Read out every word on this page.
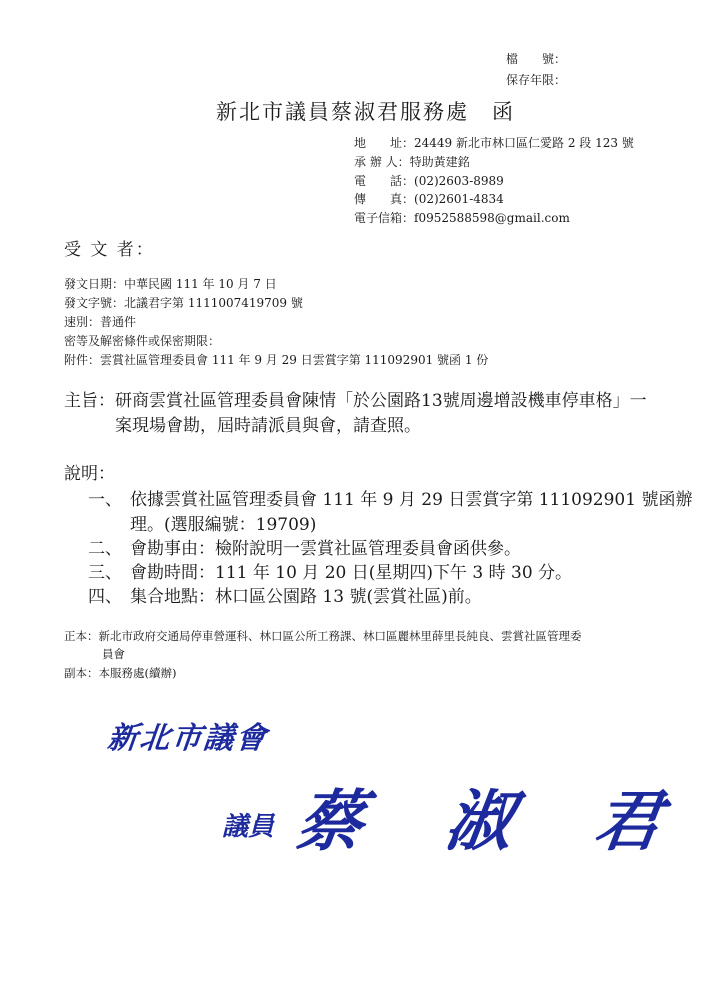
檔　　號：
保存年限：
新北市議員蔡淑君服務處　函
地　　址：24449 新北市林口區仁愛路 2 段 123 號
承 辦 人：特助黃建銘
電　　話：(02)2603-8989
傳　　真：(02)2601-4834
電子信箱：f0952588598@gmail.com
受 文 者：
發文日期：中華民國 111 年 10 月 7 日
發文字號：北議君字第 1111007419709 號
速別：普通件
密等及解密條件或保密期限：
附件：雲賞社區管理委員會 111 年 9 月 29 日雲賞字第 111092901 號函 1 份
主旨：研商雲賞社區管理委員會陳情「於公園路13號周邊增設機車停車格」一
案現場會勘，屆時請派員與會，請查照。
說明：
一、 依據雲賞社區管理委員會 111 年 9 月 29 日雲賞字第 111092901 號函辦
理。(選服編號：19709)
二、 會勘事由：檢附說明一雲賞社區管理委員會函供參。
三、 會勘時間：111 年 10 月 20 日(星期四)下午 3 時 30 分。
四、 集合地點：林口區公園路 13 號(雲賞社區)前。
正本：新北市政府交通局停車營運科、林口區公所工務課、林口區麗林里薛里長純良、雲賞社區管理委
員會
副本：本服務處(續辦)
新北市議會
議員 蔡 淑 君
